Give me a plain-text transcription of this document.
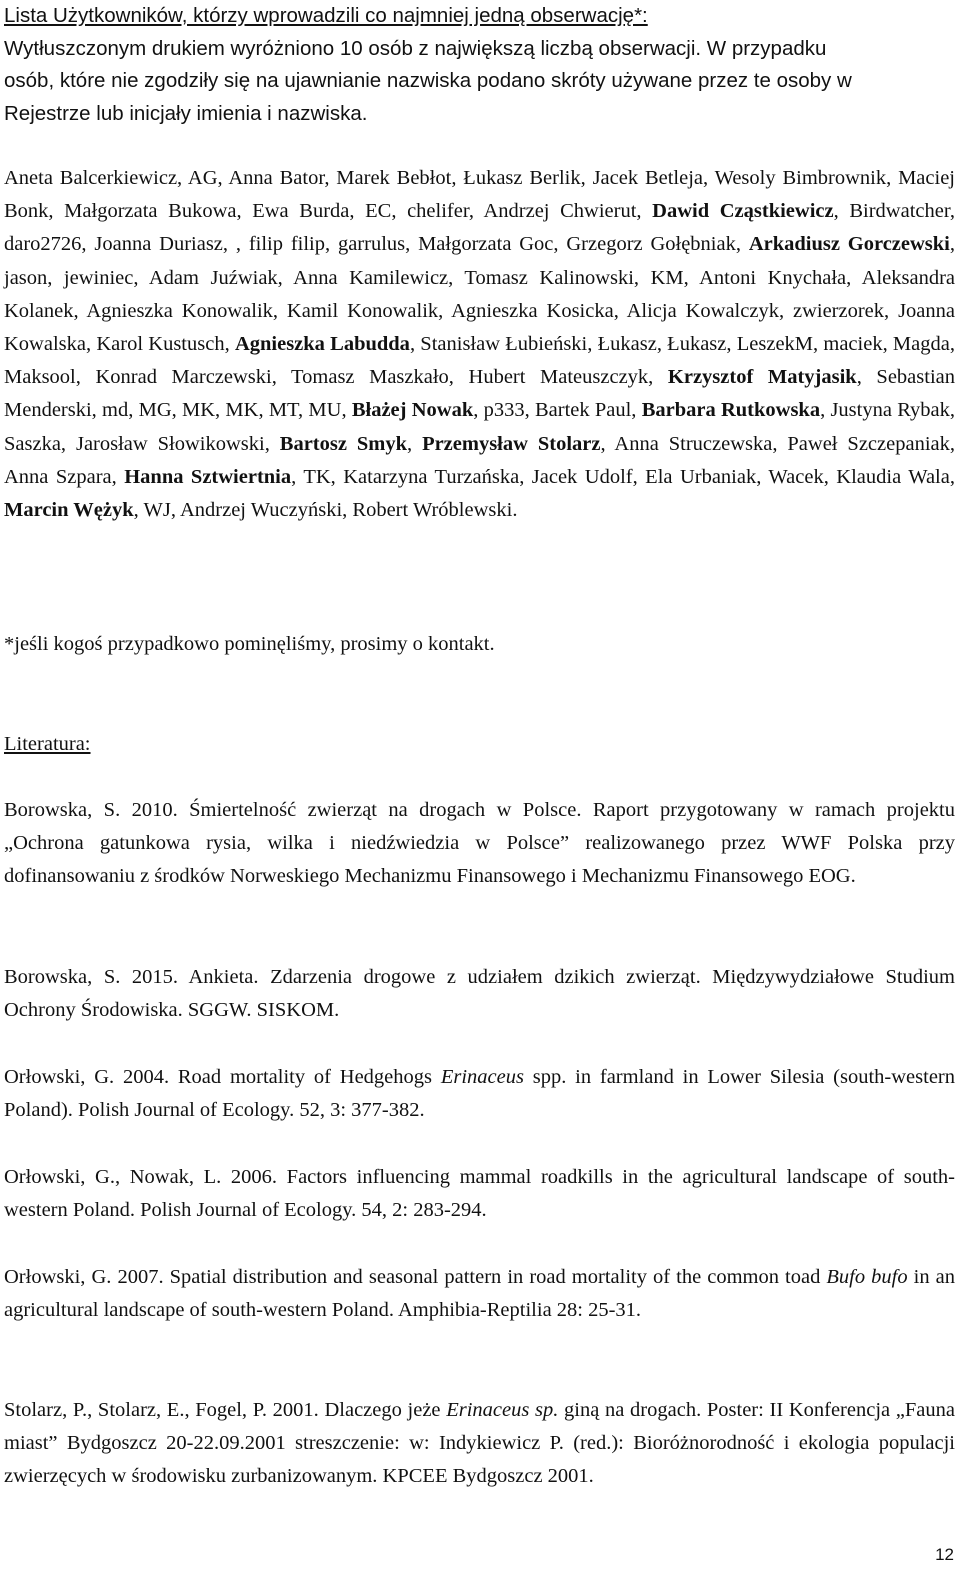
Lista Użytkowników, którzy wprowadzili co najmniej jedną obserwację*:
Wytłuszczonym drukiem wyróżniono 10 osób z największą liczbą obserwacji. W przypadku
osób, które nie zgodziły się na ujawnianie nazwiska podano skróty używane przez te osoby w
Rejestrze lub inicjały imienia i nazwiska.

Aneta Balcerkiewicz, AG, Anna Bator, Marek Bebłot, Łukasz Berlik, Jacek Betleja, Wesoly Bimbrownik, Maciej Bonk, Małgorzata Bukowa, Ewa Burda, EC, chelifer, Andrzej Chwierut, Dawid Cząstkiewicz, Birdwatcher, daro2726, Joanna Duriasz, , filip filip, garrulus, Małgorzata Goc, Grzegorz Gołębniak, Arkadiusz Gorczewski, jason, jewiniec, Adam Juźwiak, Anna Kamilewicz, Tomasz Kalinowski, KM, Antoni Knychała, Aleksandra Kolanek, Agnieszka Konowalik, Kamil Konowalik, Agnieszka Kosicka, Alicja Kowalczyk, zwierzorek, Joanna Kowalska, Karol Kustusch, Agnieszka Labudda, Stanisław Łubieński, Łukasz, Łukasz, LeszekM, maciek, Magda, Maksool, Konrad Marczewski, Tomasz Maszkało, Hubert Mateuszczyk, Krzysztof Matyjasik, Sebastian Menderski, md, MG, MK, MK, MT, MU, Błażej Nowak, p333, Bartek Paul, Barbara Rutkowska, Justyna Rybak, Saszka, Jarosław Słowikowski, Bartosz Smyk, Przemysław Stolarz, Anna Struczewska, Paweł Szczepaniak, Anna Szpara, Hanna Sztwiertnia, TK, Katarzyna Turzańska, Jacek Udolf, Ela Urbaniak, Wacek, Klaudia Wala, Marcin Wężyk, WJ, Andrzej Wuczyński, Robert Wróblewski.

*jeśli kogoś przypadkowo pominęliśmy, prosimy o kontakt.

Literatura:

Borowska, S. 2010. Śmiertelność zwierząt na drogach w Polsce. Raport przygotowany w ramach projektu „Ochrona gatunkowa rysia, wilka i niedźwiedzia w Polsce” realizowanego przez WWF Polska przy dofinansowaniu z środków Norweskiego Mechanizmu Finansowego i Mechanizmu Finansowego EOG.

Borowska, S. 2015. Ankieta. Zdarzenia drogowe z udziałem dzikich zwierząt. Międzywydziałowe Studium Ochrony Środowiska. SGGW. SISKOM.

Orłowski, G. 2004. Road mortality of Hedgehogs Erinaceus spp. in farmland in Lower Silesia (south-western Poland). Polish Journal of Ecology. 52, 3: 377-382.

Orłowski, G., Nowak, L. 2006. Factors influencing mammal roadkills in the agricultural landscape of south-western Poland. Polish Journal of Ecology. 54, 2: 283-294.

Orłowski, G. 2007. Spatial distribution and seasonal pattern in road mortality of the common toad Bufo bufo in an agricultural landscape of south-western Poland. Amphibia-Reptilia 28: 25-31.

Stolarz, P., Stolarz, E., Fogel, P. 2001. Dlaczego jeże Erinaceus sp. giną na drogach. Poster: II Konferencja „Fauna miast” Bydgoszcz 20-22.09.2001 streszczenie: w: Indykiewicz P. (red.): Bioróżnorodność i ekologia populacji zwierzęcych w środowisku zurbanizowanym. KPCEE Bydgoszcz 2001.

12
